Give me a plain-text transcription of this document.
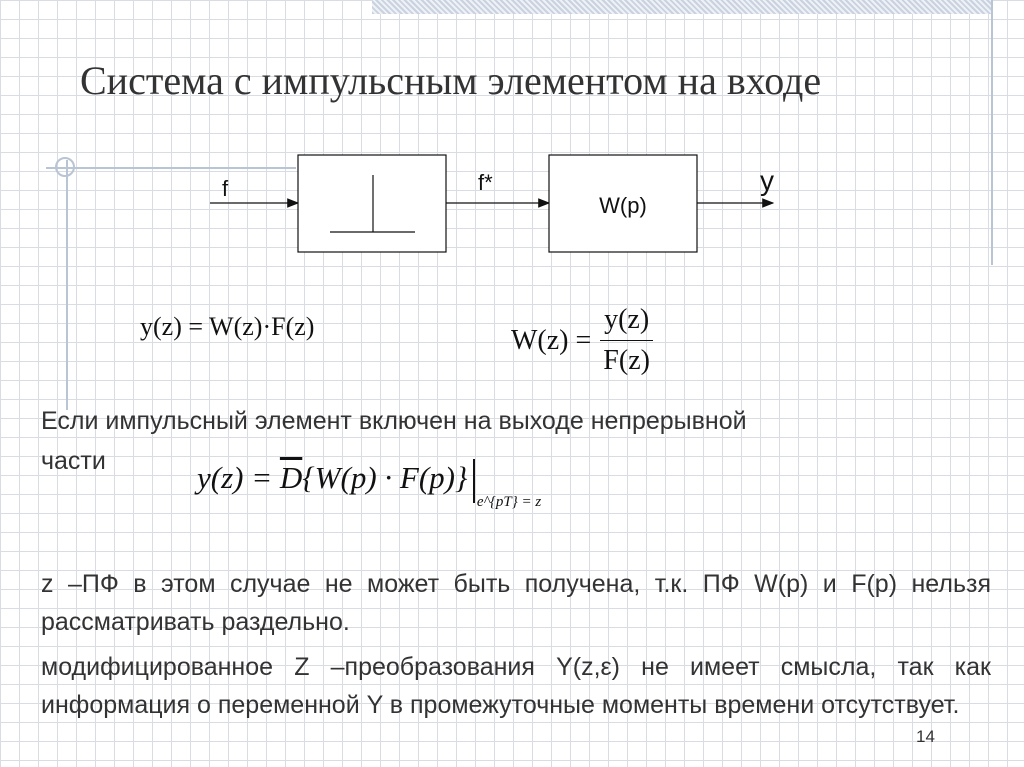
Система с импульсным элементом на входе
f	f*
W(p)
y
y(z) = W(z)·F(z)	$W(z) = \frac{y(z)}{F(z)}$
Если импульсный элемент включен на выходе непрерывной
части	$y(z) = \overline{D}\{W(p) \cdot F(p)\}_{e\^{}\{pT\} = z}$
z –ПФ в этом случае не может быть получена, т.к. ПФ W(p) и F(p) нельзя рассматривать раздельно.
модифицированное Z –преобразования Y(z,ε) не имеет смысла, так как информация о переменной Y в промежуточные моменты времени отсутствует.
14
